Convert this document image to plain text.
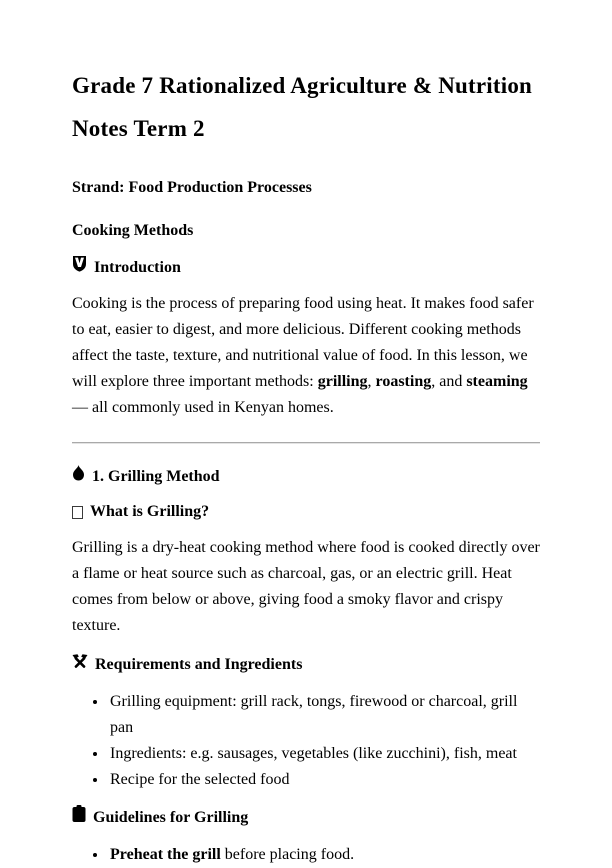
Grade 7 Rationalized Agriculture & Nutrition Notes Term 2

Strand: Food Production Processes

Cooking Methods

Introduction

Cooking is the process of preparing food using heat. It makes food safer to eat, easier to digest, and more delicious. Different cooking methods affect the taste, texture, and nutritional value of food. In this lesson, we will explore three important methods: grilling, roasting, and steaming — all commonly used in Kenyan homes.

1. Grilling Method
What is Grilling?

Grilling is a dry-heat cooking method where food is cooked directly over a flame or heat source such as charcoal, gas, or an electric grill. Heat comes from below or above, giving food a smoky flavor and crispy texture.

Requirements and Ingredients
• Grilling equipment: grill rack, tongs, firewood or charcoal, grill pan
• Ingredients: e.g. sausages, vegetables (like zucchini), fish, meat
• Recipe for the selected food
Guidelines for Grilling
• Preheat the grill before placing food.
